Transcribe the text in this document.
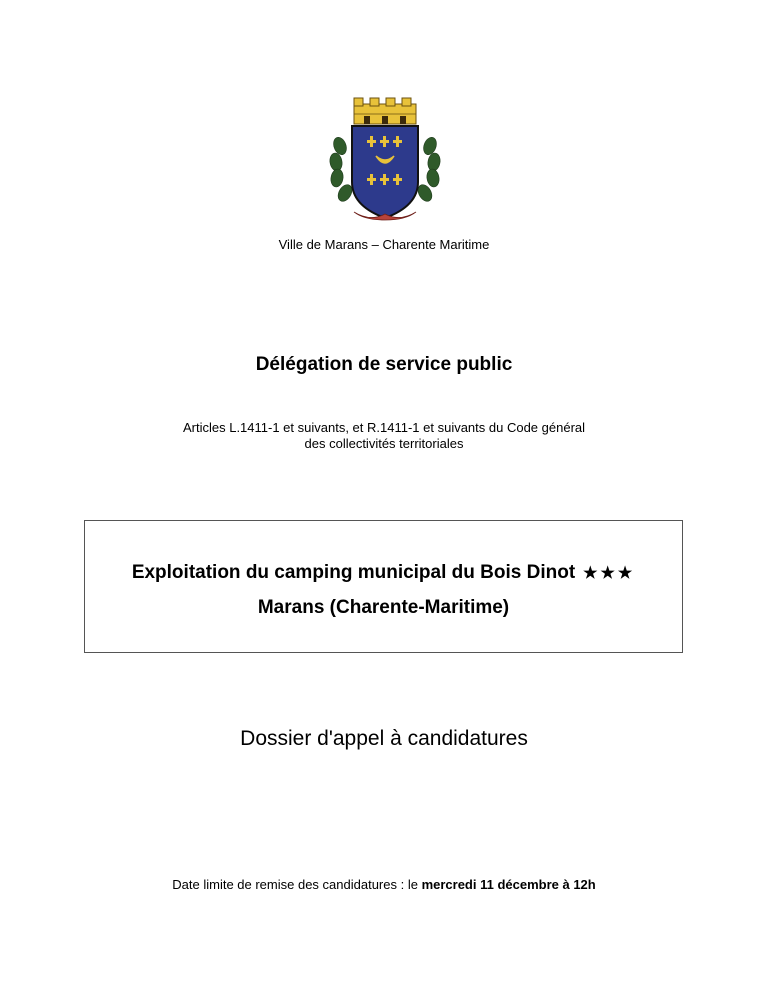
Ville de Marans – Charente Maritime
Délégation de service public
Articles L.1411-1 et suivants, et R.1411-1 et suivants du Code général
des collectivités territoriales
Exploitation du camping municipal du Bois Dinot ★★★
Marans (Charente-Maritime)
Dossier d'appel à candidatures
Date limite de remise des candidatures : le mercredi 11 décembre à 12h
